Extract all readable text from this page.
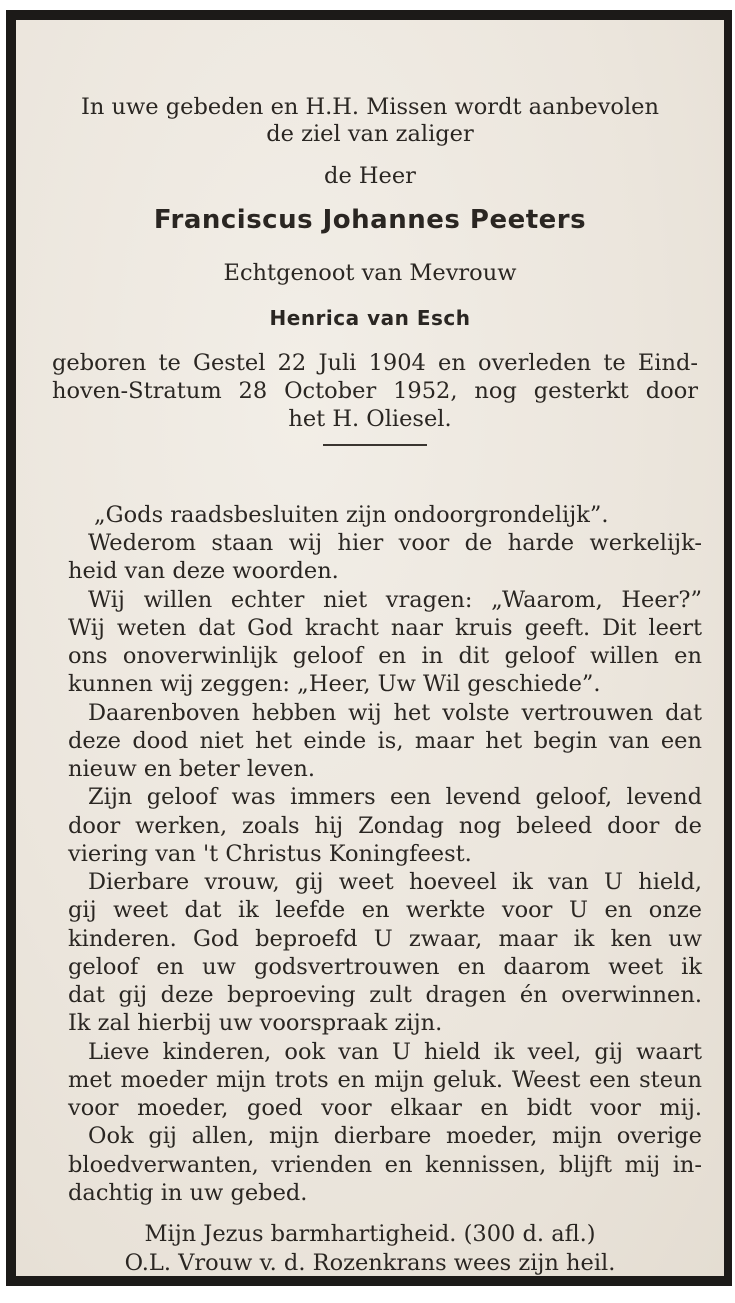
In uwe gebeden en H.H. Missen wordt aanbevolen
de ziel van zaliger
de Heer
Franciscus Johannes Peeters
Echtgenoot van Mevrouw
Henrica van Esch
geboren te Gestel 22 Juli 1904 en overleden te Eind-
hoven-Stratum 28 October 1952, nog gesterkt door
het H. Oliesel.
„Gods raadsbesluiten zijn ondoorgrondelijk”.
Wederom staan wij hier voor de harde werkelijk-
heid van deze woorden.
Wij willen echter niet vragen: „Waarom, Heer?”
Wij weten dat God kracht naar kruis geeft. Dit leert
ons onoverwinlijk geloof en in dit geloof willen en
kunnen wij zeggen: „Heer, Uw Wil geschiede”.
Daarenboven hebben wij het volste vertrouwen dat
deze dood niet het einde is, maar het begin van een
nieuw en beter leven.
Zijn geloof was immers een levend geloof, levend
door werken, zoals hij Zondag nog beleed door de
viering van 't Christus Koningfeest.
Dierbare vrouw, gij weet hoeveel ik van U hield,
gij weet dat ik leefde en werkte voor U en onze
kinderen. God beproefd U zwaar, maar ik ken uw
geloof en uw godsvertrouwen en daarom weet ik
dat gij deze beproeving zult dragen én overwinnen.
Ik zal hierbij uw voorspraak zijn.
Lieve kinderen, ook van U hield ik veel, gij waart
met moeder mijn trots en mijn geluk. Weest een steun
voor moeder, goed voor elkaar en bidt voor mij.
Ook gij allen, mijn dierbare moeder, mijn overige
bloedverwanten, vrienden en kennissen, blijft mij in-
dachtig in uw gebed.
Mijn Jezus barmhartigheid. (300 d. afl.)
O.L. Vrouw v. d. Rozenkrans wees zijn heil.
